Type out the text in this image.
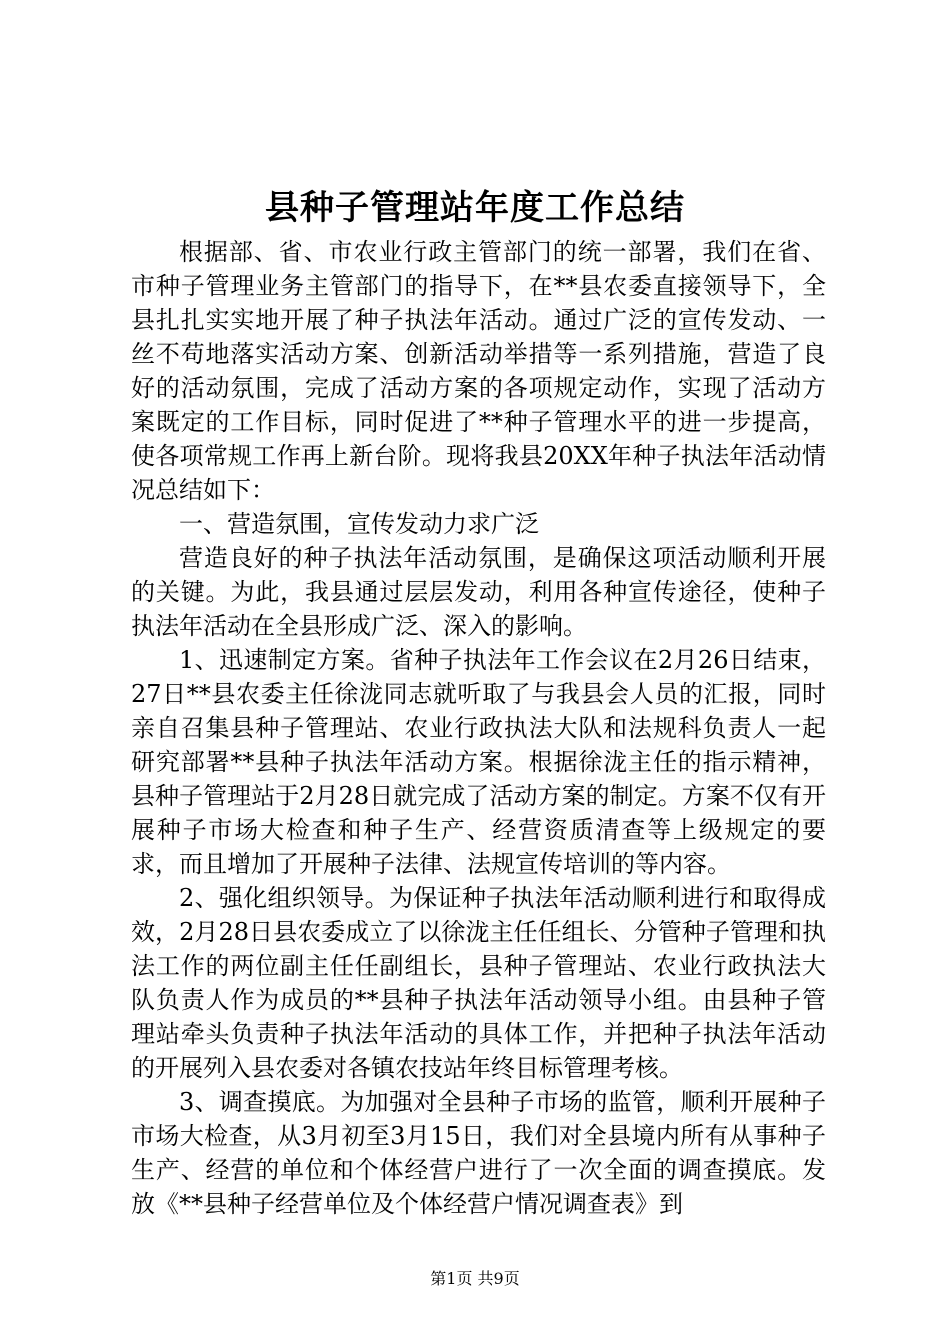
县种子管理站年度工作总结

根据部、省、市农业行政主管部门的统一部署，我们在省、市种子管理业务主管部门的指导下，在**县农委直接领导下，全县扎扎实实地开展了种子执法年活动。通过广泛的宣传发动、一丝不苟地落实活动方案、创新活动举措等一系列措施，营造了良好的活动氛围，完成了活动方案的各项规定动作，实现了活动方案既定的工作目标，同时促进了**种子管理水平的进一步提高，使各项常规工作再上新台阶。现将我县20XX年种子执法年活动情况总结如下：

一、营造氛围，宣传发动力求广泛

营造良好的种子执法年活动氛围，是确保这项活动顺利开展的关键。为此，我县通过层层发动，利用各种宣传途径，使种子执法年活动在全县形成广泛、深入的影响。

1、迅速制定方案。省种子执法年工作会议在2月26日结束，27日**县农委主任徐泷同志就听取了与我县会人员的汇报，同时亲自召集县种子管理站、农业行政执法大队和法规科负责人一起研究部署**县种子执法年活动方案。根据徐泷主任的指示精神，县种子管理站于2月28日就完成了活动方案的制定。方案不仅有开展种子市场大检查和种子生产、经营资质清查等上级规定的要求，而且增加了开展种子法律、法规宣传培训的等内容。

2、强化组织领导。为保证种子执法年活动顺利进行和取得成效，2月28日县农委成立了以徐泷主任任组长、分管种子管理和执法工作的两位副主任任副组长，县种子管理站、农业行政执法大队负责人作为成员的**县种子执法年活动领导小组。由县种子管理站牵头负责种子执法年活动的具体工作，并把种子执法年活动的开展列入县农委对各镇农技站年终目标管理考核。

3、调查摸底。为加强对全县种子市场的监管，顺利开展种子市场大检查，从3月初至3月15日，我们对全县境内所有从事种子生产、经营的单位和个体经营户进行了一次全面的调查摸底。发放《**县种子经营单位及个体经营户情况调查表》到

第1页 共9页
